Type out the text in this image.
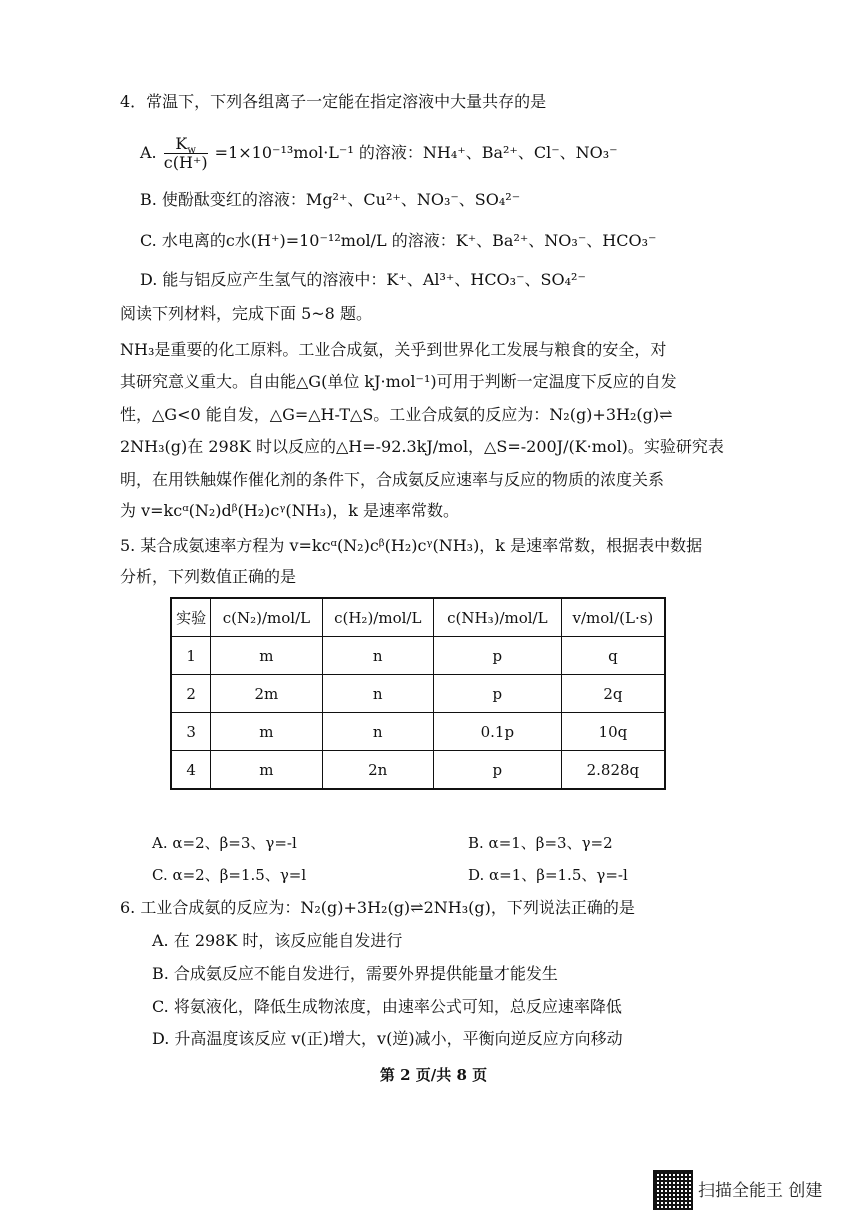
4．常温下，下列各组离子一定能在指定溶液中大量共存的是
A. $\frac{K_w}{c(H^+)} =1\times 10^{-13}mol\cdot L^{-1}$ 的溶液：NH₄⁺、Ba²⁺、Cl⁻、NO₃⁻
B. 使酚酞变红的溶液：Mg²⁺、Cu²⁺、NO₃⁻、SO₄²⁻
C. 水电离的c水(H⁺)=10⁻¹²mol/L 的溶液：K⁺、Ba²⁺、NO₃⁻、HCO₃⁻
D. 能与铝反应产生氢气的溶液中：K⁺、Al³⁺、HCO₃⁻、SO₄²⁻
阅读下列材料，完成下面 5~8 题。
NH₃是重要的化工原料。工业合成氨，关乎到世界化工发展与粮食的安全，对
其研究意义重大。自由能△G(单位 kJ·mol⁻¹)可用于判断一定温度下反应的自发
性，△G<0 能自发，△G=△H-T△S。工业合成氨的反应为：N₂(g)+3H₂(g)⇌
2NH₃(g)在 298K 时以反应的△H=-92.3kJ/mol，△S=-200J/(K·mol)。实验研究表
明，在用铁触媒作催化剂的条件下，合成氨反应速率与反应的物质的浓度关系
为 v=kcᵅ(N₂)dᵝ(H₂)cᵞ(NH₃)，k 是速率常数。
5. 某合成氨速率方程为 v=kcᵅ(N₂)cᵝ(H₂)cᵞ(NH₃)，k 是速率常数，根据表中数据
分析，下列数值正确的是
实验	c(N₂)/mol/L	c(H₂)/mol/L	c(NH₃)/mol/L	v/mol/(L·s)
1	m	n	p	q
2	2m	n	p	2q
3	m	n	0.1p	10q
4	m	2n	p	2.828q
A. α=2、β=3、γ=-l	B. α=1、β=3、γ=2
C. α=2、β=1.5、γ=l	D. α=1、β=1.5、γ=-l
6. 工业合成氨的反应为：N₂(g)+3H₂(g)⇌2NH₃(g)，下列说法正确的是
A. 在 298K 时，该反应能自发进行
B. 合成氨反应不能自发进行，需要外界提供能量才能发生
C. 将氨液化，降低生成物浓度，由速率公式可知，总反应速率降低
D. 升高温度该反应 v(正)增大，v(逆)减小，平衡向逆反应方向移动
第 2 页/共 8 页
扫描全能王 创建
